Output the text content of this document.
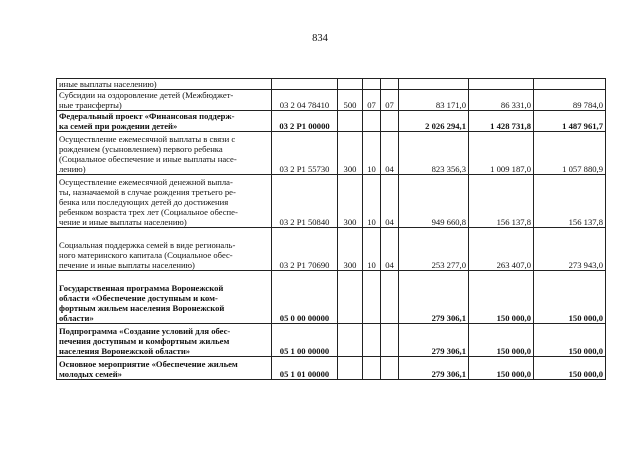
834
иные выплаты населению)							

Субсидии на оздоровление детей (Межбюджет-
ные трансферты)	03 2 04 78410	500	07	07	83 171,0	86 331,0	89 784,0

Федеральный проект «Финансовая поддерж-
ка семей при рождении детей»	03 2 Р1 00000				2 026 294,1	1 428 731,8	1 487 961,7

Осуществление ежемесячной выплаты в связи с
рождением (усыновлением) первого ребенка
(Социальное обеспечение и иные выплаты насе-
лению)	03 2 Р1 55730	300	10	04	823 356,3	1 009 187,0	1 057 880,9

Осуществление ежемесячной денежной выпла-
ты, назначаемой в случае рождения третьего ре-
бенка или последующих детей до достижения
ребенком возраста трех лет (Социальное обеспе-
чение и иные выплаты населению)	03 2 Р1 50840	300	10	04	949 660,8	156 137,8	156 137,8

Социальная поддержка семей в виде региональ-
ного материнского капитала (Социальное обес-
печение и иные выплаты населению)	03 2 Р1 70690	300	10	04	253 277,0	263 407,0	273 943,0

Государственная программа Воронежской
области «Обеспечение доступным и ком-
фортным жильем населения Воронежской
области»	05 0 00 00000				279 306,1	150 000,0	150 000,0

Подпрограмма «Создание условий для обес-
печения доступным и комфортным жильем
населения Воронежской области»	05 1 00 00000				279 306,1	150 000,0	150 000,0

Основное мероприятие «Обеспечение жильем
молодых семей»	05 1 01 00000				279 306,1	150 000,0	150 000,0
